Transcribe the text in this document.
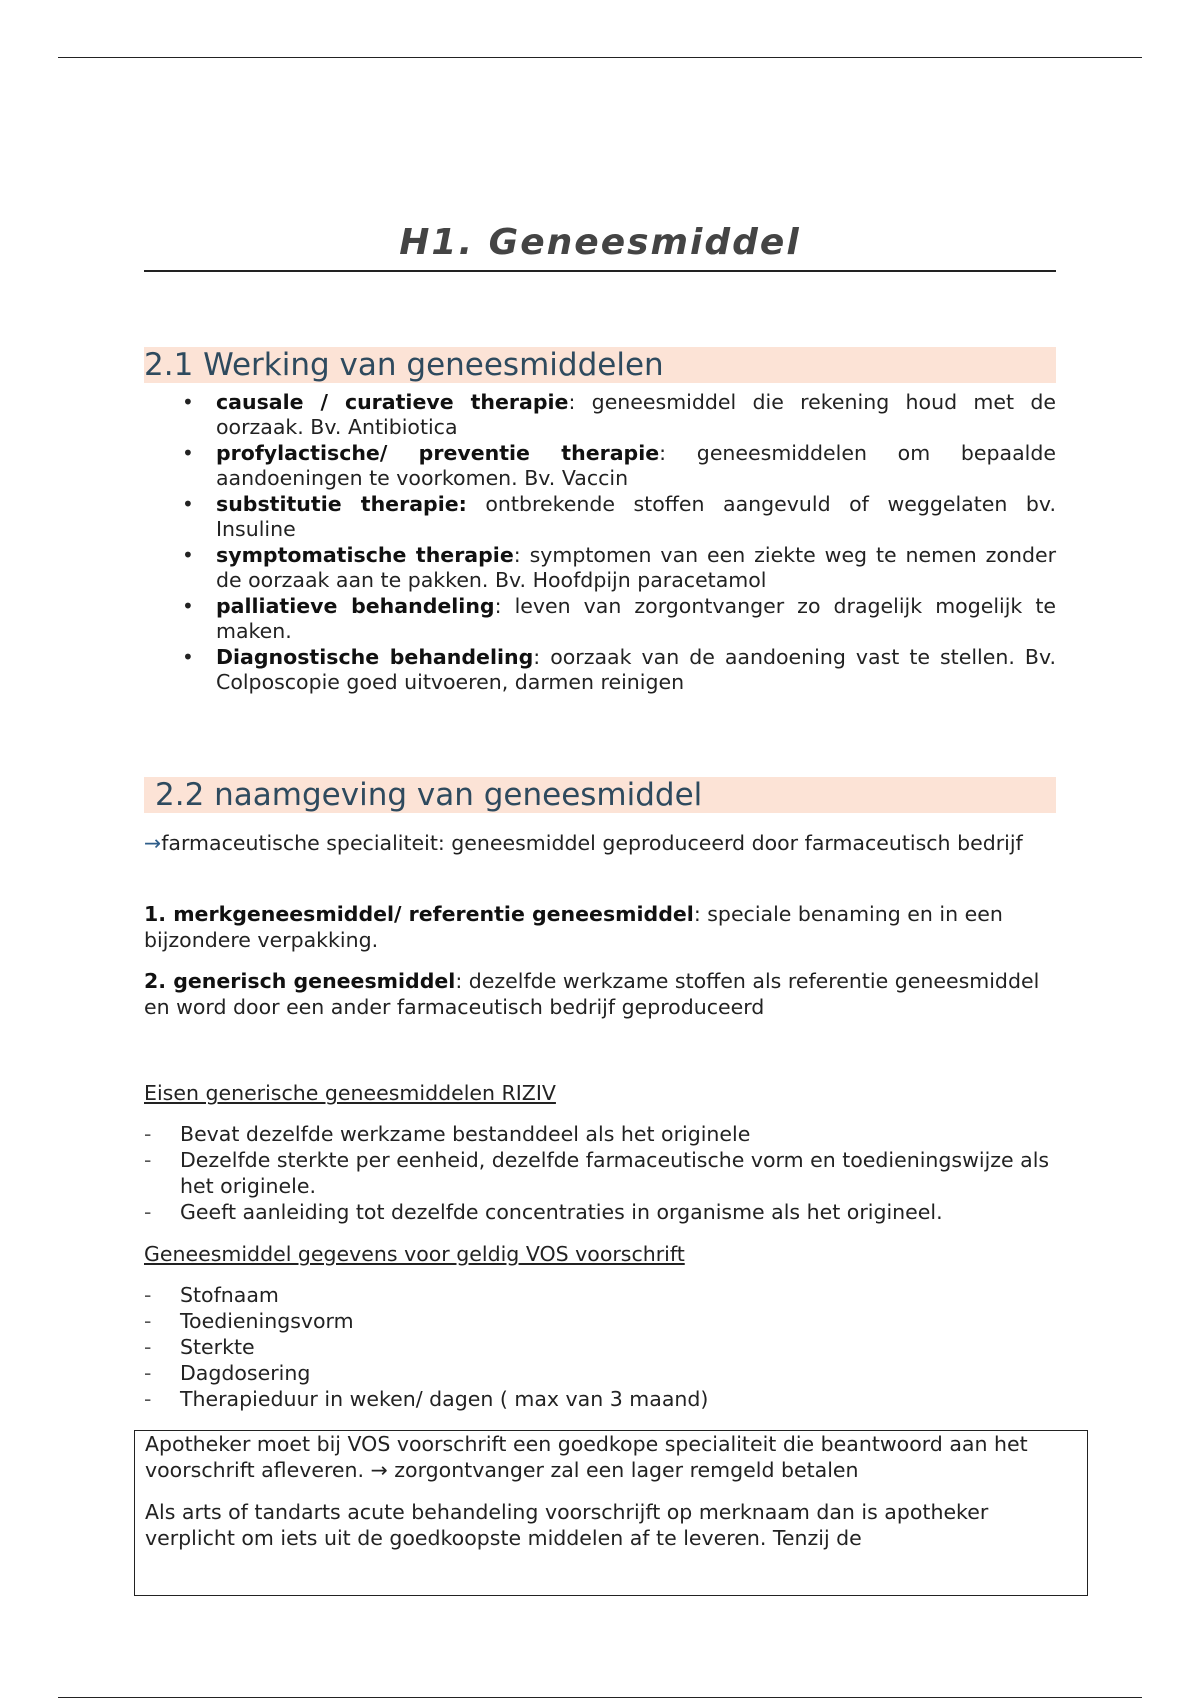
H1. Geneesmiddel
2.1 Werking van geneesmiddelen
• causale / curatieve therapie: geneesmiddel die rekening houd met de oorzaak. Bv. Antibiotica
• profylactische/ preventie therapie: geneesmiddelen om bepaalde aandoeningen te voorkomen. Bv. Vaccin
• substitutie therapie: ontbrekende stoffen aangevuld of weggelaten bv. Insuline
• symptomatische therapie: symptomen van een ziekte weg te nemen zonder de oorzaak aan te pakken. Bv. Hoofdpijn paracetamol
• palliatieve behandeling: leven van zorgontvanger zo dragelijk mogelijk te maken.
• Diagnostische behandeling: oorzaak van de aandoening vast te stellen. Bv. Colposcopie goed uitvoeren, darmen reinigen
2.2 naamgeving van geneesmiddel

→farmaceutische specialiteit: geneesmiddel geproduceerd door farmaceutisch bedrijf

1. merkgeneesmiddel/ referentie geneesmiddel: speciale benaming en in een bijzondere verpakking.

2. generisch geneesmiddel: dezelfde werkzame stoffen als referentie geneesmiddel en word door een ander farmaceutisch bedrijf geproduceerd

Eisen generische geneesmiddelen RIZIV
- Bevat dezelfde werkzame bestanddeel als het originele
- Dezelfde sterkte per eenheid, dezelfde farmaceutische vorm en toedieningswijze als het originele.
- Geeft aanleiding tot dezelfde concentraties in organisme als het origineel.
Geneesmiddel gegevens voor geldig VOS voorschrift
- Stofnaam
- Toedieningsvorm
- Sterkte
- Dagdosering
- Therapieduur in weken/ dagen ( max van 3 maand)

Apotheker moet bij VOS voorschrift een goedkope specialiteit die beantwoord aan het voorschrift afleveren. → zorgontvanger zal een lager remgeld betalen

Als arts of tandarts acute behandeling voorschrijft op merknaam dan is apotheker verplicht om iets uit de goedkoopste middelen af te leveren. Tenzij de
